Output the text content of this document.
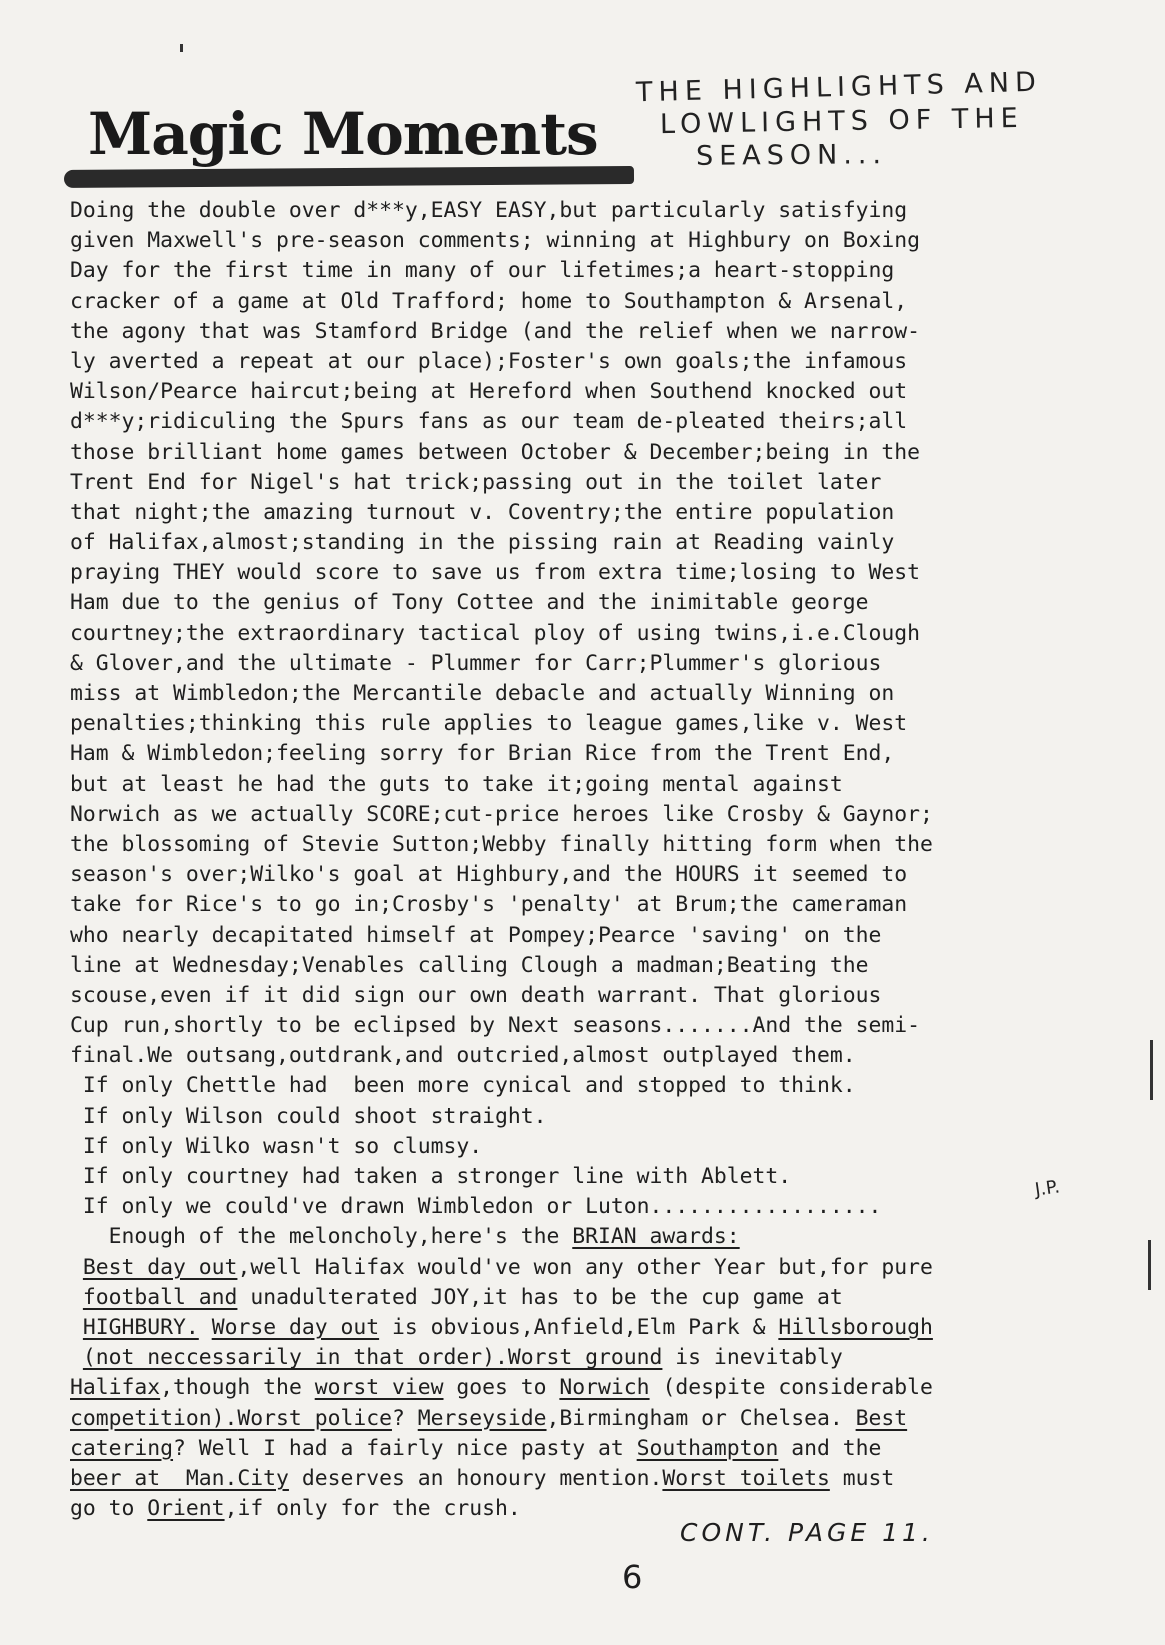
Magic Moments
THE HIGHLIGHTS AND
LOWLIGHTS OF THE
SEASON...
Doing the double over d***y,EASY EASY,but particularly satisfying
given Maxwell's pre-season comments; winning at Highbury on Boxing
Day for the first time in many of our lifetimes;a heart-stopping
cracker of a game at Old Trafford; home to Southampton & Arsenal,
the agony that was Stamford Bridge (and the relief when we narrow-
ly averted a repeat at our place);Foster's own goals;the infamous
Wilson/Pearce haircut;being at Hereford when Southend knocked out
d***y;ridiculing the Spurs fans as our team de-pleated theirs;all
those brilliant home games between October & December;being in the
Trent End for Nigel's hat trick;passing out in the toilet later
that night;the amazing turnout v. Coventry;the entire population
of Halifax,almost;standing in the pissing rain at Reading vainly
praying THEY would score to save us from extra time;losing to West
Ham due to the genius of Tony Cottee and the inimitable george
courtney;the extraordinary tactical ploy of using twins,i.e.Clough
& Glover,and the ultimate - Plummer for Carr;Plummer's glorious
miss at Wimbledon;the Mercantile debacle and actually Winning on
penalties;thinking this rule applies to league games,like v. West
Ham & Wimbledon;feeling sorry for Brian Rice from the Trent End,
but at least he had the guts to take it;going mental against
Norwich as we actually SCORE;cut-price heroes like Crosby & Gaynor;
the blossoming of Stevie Sutton;Webby finally hitting form when the
season's over;Wilko's goal at Highbury,and the HOURS it seemed to
take for Rice's to go in;Crosby's 'penalty' at Brum;the cameraman
who nearly decapitated himself at Pompey;Pearce 'saving' on the
line at Wednesday;Venables calling Clough a madman;Beating the
scouse,even if it did sign our own death warrant. That glorious
Cup run,shortly to be eclipsed by Next seasons.......And the semi-
final.We outsang,outdrank,and outcried,almost outplayed them.
If only Chettle had  been more cynical and stopped to think.
If only Wilson could shoot straight.
If only Wilko wasn't so clumsy.
If only courtney had taken a stronger line with Ablett.
If only we could've drawn Wimbledon or Luton..................
Enough of the meloncholy,here's the BRIAN awards:
Best day out,well Halifax would've won any other Year but,for pure
football and unadulterated JOY,it has to be the cup game at
HIGHBURY. Worse day out is obvious,Anfield,Elm Park & Hillsborough
(not neccessarily in that order).Worst ground is inevitably
Halifax,though the worst view goes to Norwich (despite considerable
competition).Worst police? Merseyside,Birmingham or Chelsea. Best
catering? Well I had a fairly nice pasty at Southampton and the
beer at  Man.City deserves an honoury mention.Worst toilets must
go to Orient,if only for the crush.
J.P.
CONT. PAGE 11.
6
